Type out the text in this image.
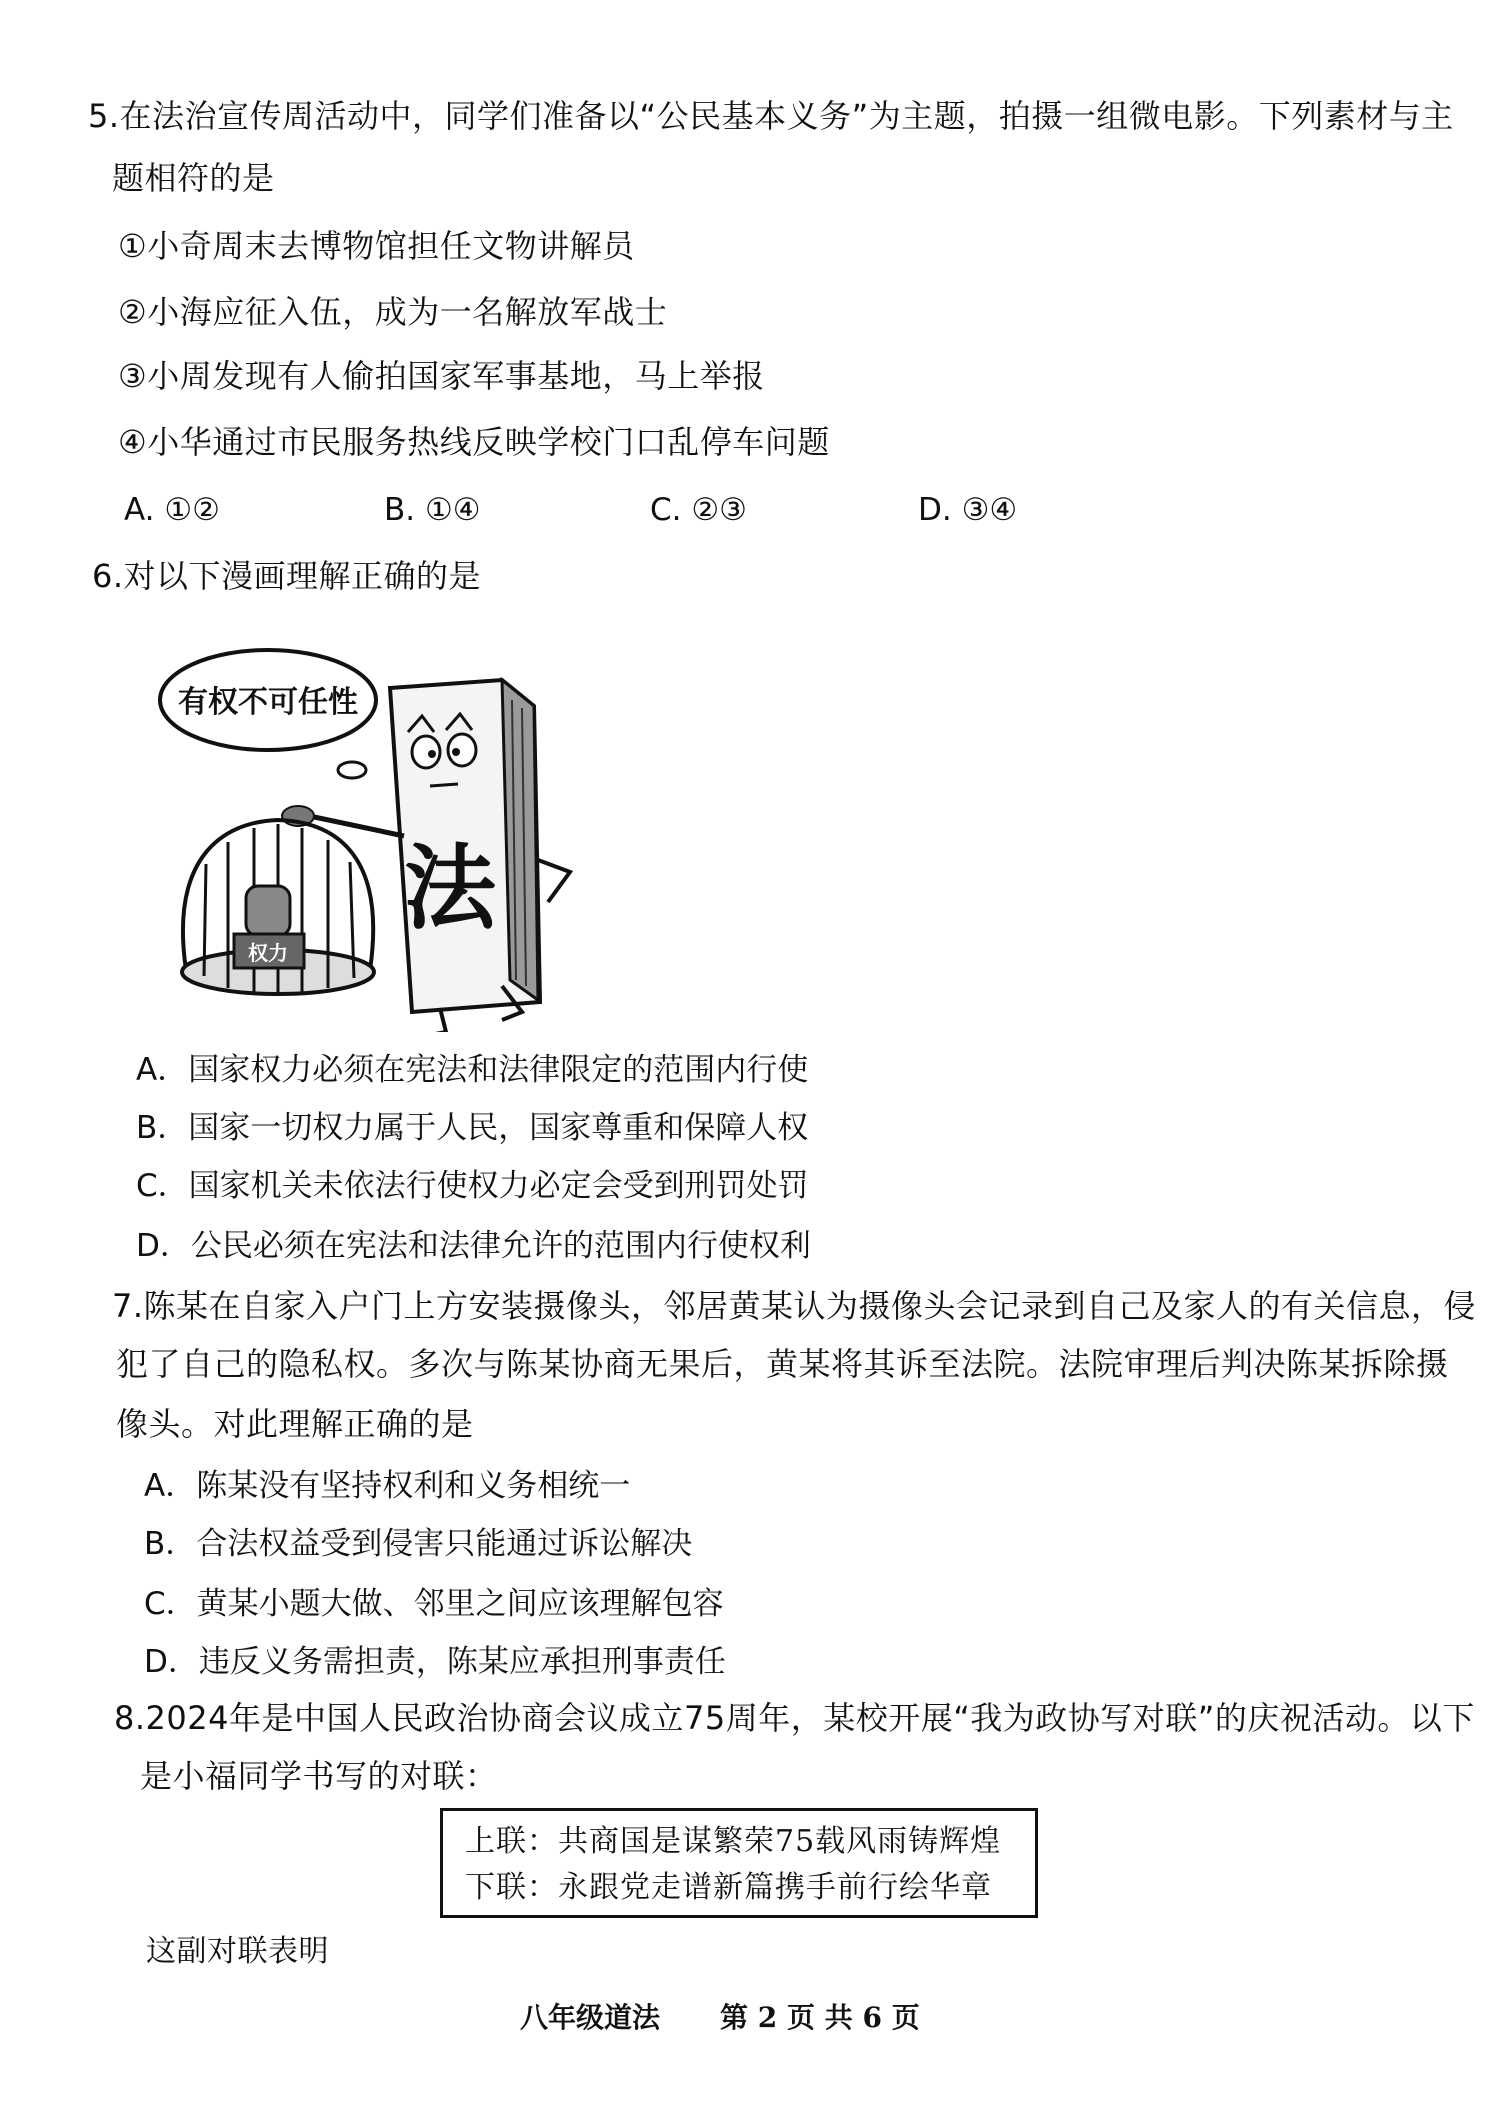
5.在法治宣传周活动中，同学们准备以“公民基本义务”为主题，拍摄一组微电影。下列素材与主
题相符的是
①小奇周末去博物馆担任文物讲解员
②小海应征入伍，成为一名解放军战士
③小周发现有人偷拍国家军事基地，马上举报
④小华通过市民服务热线反映学校门口乱停车问题
A. ①②	B. ①④	C. ②③	D. ③④
6.对以下漫画理解正确的是
有权不可任性
法
权力
A．国家权力必须在宪法和法律限定的范围内行使
B．国家一切权力属于人民，国家尊重和保障人权
C．国家机关未依法行使权力必定会受到刑罚处罚
D．公民必须在宪法和法律允许的范围内行使权利
7.陈某在自家入户门上方安装摄像头，邻居黄某认为摄像头会记录到自己及家人的有关信息，侵
犯了自己的隐私权。多次与陈某协商无果后，黄某将其诉至法院。法院审理后判决陈某拆除摄
像头。对此理解正确的是
A．陈某没有坚持权利和义务相统一
B．合法权益受到侵害只能通过诉讼解决
C．黄某小题大做、邻里之间应该理解包容
D．违反义务需担责，陈某应承担刑事责任
8.2024年是中国人民政治协商会议成立75周年，某校开展“我为政协写对联”的庆祝活动。以下
是小福同学书写的对联：
上联：共商国是谋繁荣75载风雨铸辉煌
下联：永跟党走谱新篇携手前行绘华章
这副对联表明
八年级道法 第 2 页 共 6 页
